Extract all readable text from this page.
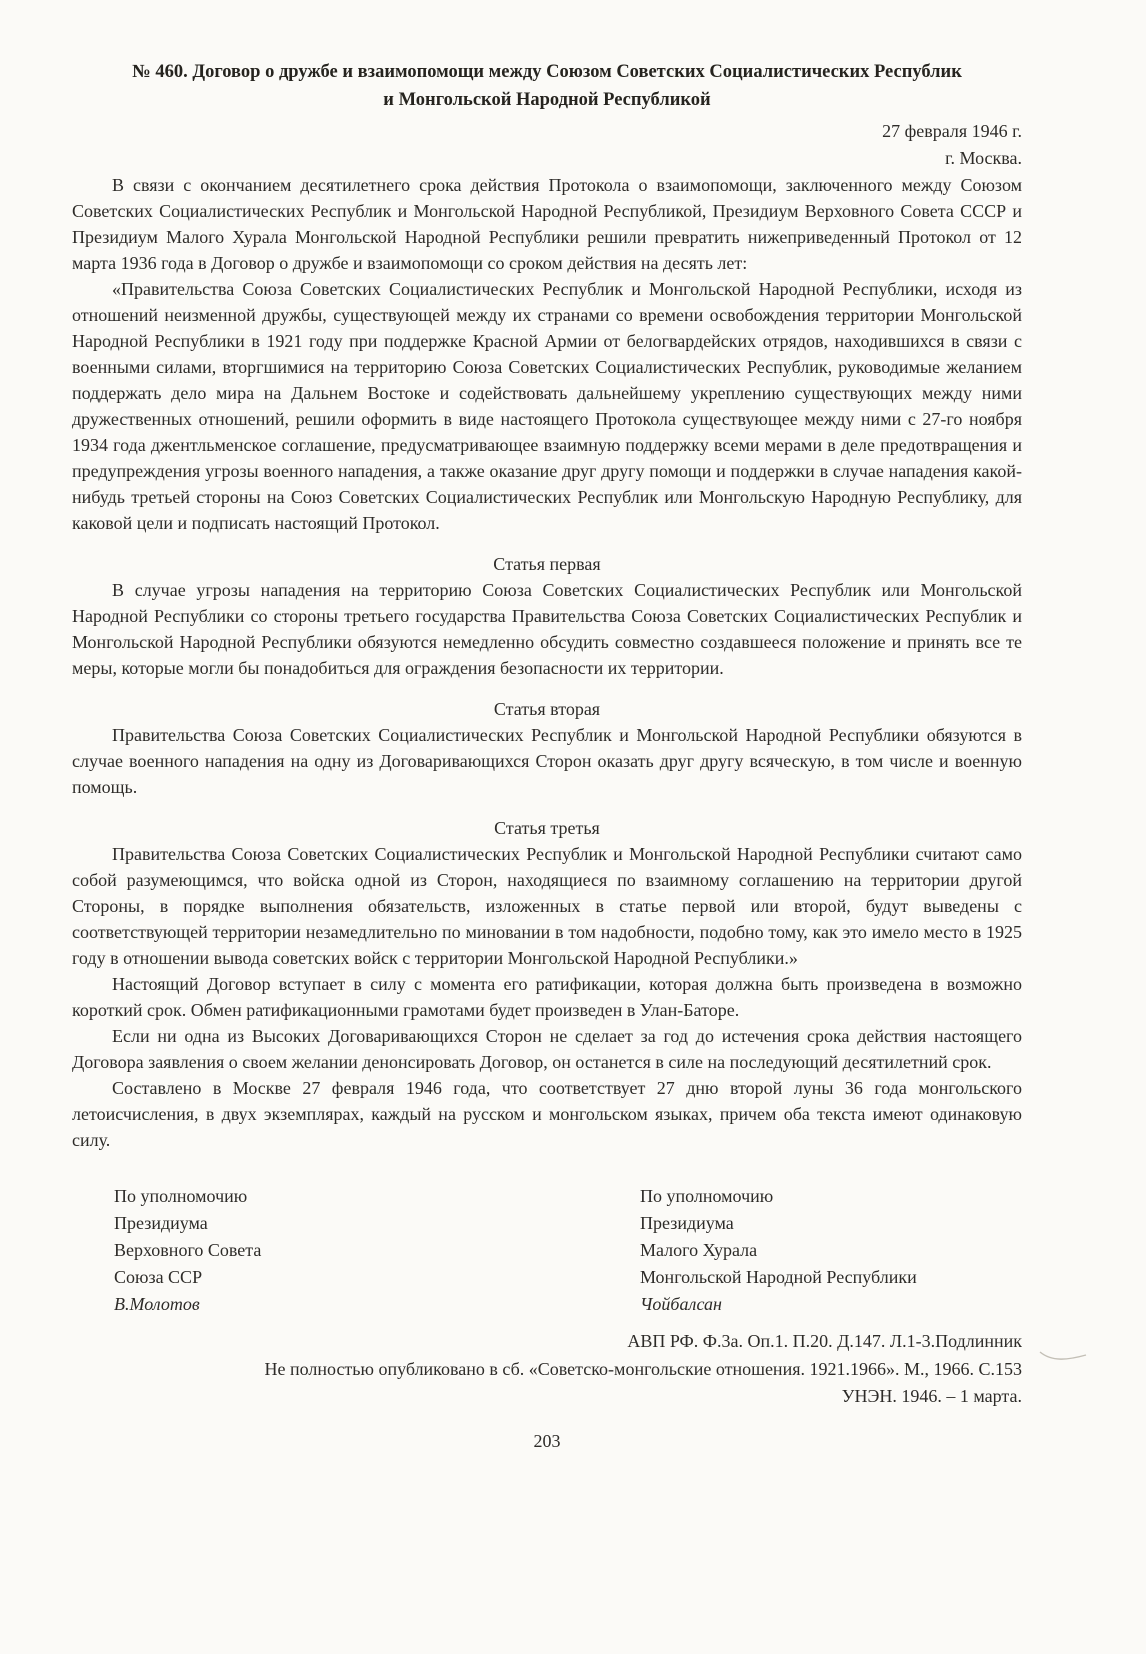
№ 460. Договор о дружбе и взаимопомощи между Союзом Советских Социалистических Республик
и Монгольской Народной Республикой
27 февраля 1946 г.
г. Москва.

В связи с окончанием десятилетнего срока действия Протокола о взаимопомощи, заключенного между Союзом Советских Социалистических Республик и Монгольской Народной Республикой, Президиум Верховного Совета СССР и Президиум Малого Хурала Монгольской Народной Республики решили превратить нижеприведенный Протокол от 12 марта 1936 года в Договор о дружбе и взаимопомощи со сроком действия на десять лет:

«Правительства Союза Советских Социалистических Республик и Монгольской Народной Республики, исходя из отношений неизменной дружбы, существующей между их странами со времени освобождения территории Монгольской Народной Республики в 1921 году при поддержке Красной Армии от белогвардейских отрядов, находившихся в связи с военными силами, вторгшимися на территорию Союза Советских Социалистических Республик, руководимые желанием поддержать дело мира на Дальнем Востоке и содействовать дальнейшему укреплению существующих между ними дружественных отношений, решили оформить в виде настоящего Протокола существующее между ними с 27-го ноября 1934 года джентльменское соглашение, предусматривающее взаимную поддержку всеми мерами в деле предотвращения и предупреждения угрозы военного нападения, а также оказание друг другу помощи и поддержки в случае нападения какой-нибудь третьей стороны на Союз Советских Социалистических Республик или Монгольскую Народную Республику, для каковой цели и подписать настоящий Протокол.

Статья первая

В случае угрозы нападения на территорию Союза Советских Социалистических Республик или Монгольской Народной Республики со стороны третьего государства Правительства Союза Советских Социалистических Республик и Монгольской Народной Республики обязуются немедленно обсудить совместно создавшееся положение и принять все те меры, которые могли бы понадобиться для ограждения безопасности их территории.

Статья вторая

Правительства Союза Советских Социалистических Республик и Монгольской Народной Республики обязуются в случае военного нападения на одну из Договаривающихся Сторон оказать друг другу всяческую, в том числе и военную помощь.

Статья третья

Правительства Союза Советских Социалистических Республик и Монгольской Народной Республики считают само собой разумеющимся, что войска одной из Сторон, находящиеся по взаимному соглашению на территории другой Стороны, в порядке выполнения обязательств, изложенных в статье первой или второй, будут выведены с соответствующей территории незамедлительно по миновании в том надобности, подобно тому, как это имело место в 1925 году в отношении вывода советских войск с территории Монгольской Народной Республики.»

Настоящий Договор вступает в силу с момента его ратификации, которая должна быть произведена в возможно короткий срок. Обмен ратификационными грамотами будет произведен в Улан-Баторе.

Если ни одна из Высоких Договаривающихся Сторон не сделает за год до истечения срока действия настоящего Договора заявления о своем желании денонсировать Договор, он останется в силе на последующий десятилетний срок.

Составлено в Москве 27 февраля 1946 года, что соответствует 27 дню второй луны 36 года монгольского летоисчисления, в двух экземплярах, каждый на русском и монгольском языках, причем оба текста имеют одинаковую силу.

По уполномочию
Президиума
Верховного Совета
Союза ССР
В.Молотов
По уполномочию
Президиума
Малого Хурала
Монгольской Народной Республики
Чойбалсан
АВП РФ. Ф.3а. Оп.1. П.20. Д.147. Л.1-3.Подлинник
Не полностью опубликовано в сб. «Советско-монгольские отношения. 1921.1966». М., 1966. С.153
УНЭН. 1946. – 1 марта.
203
